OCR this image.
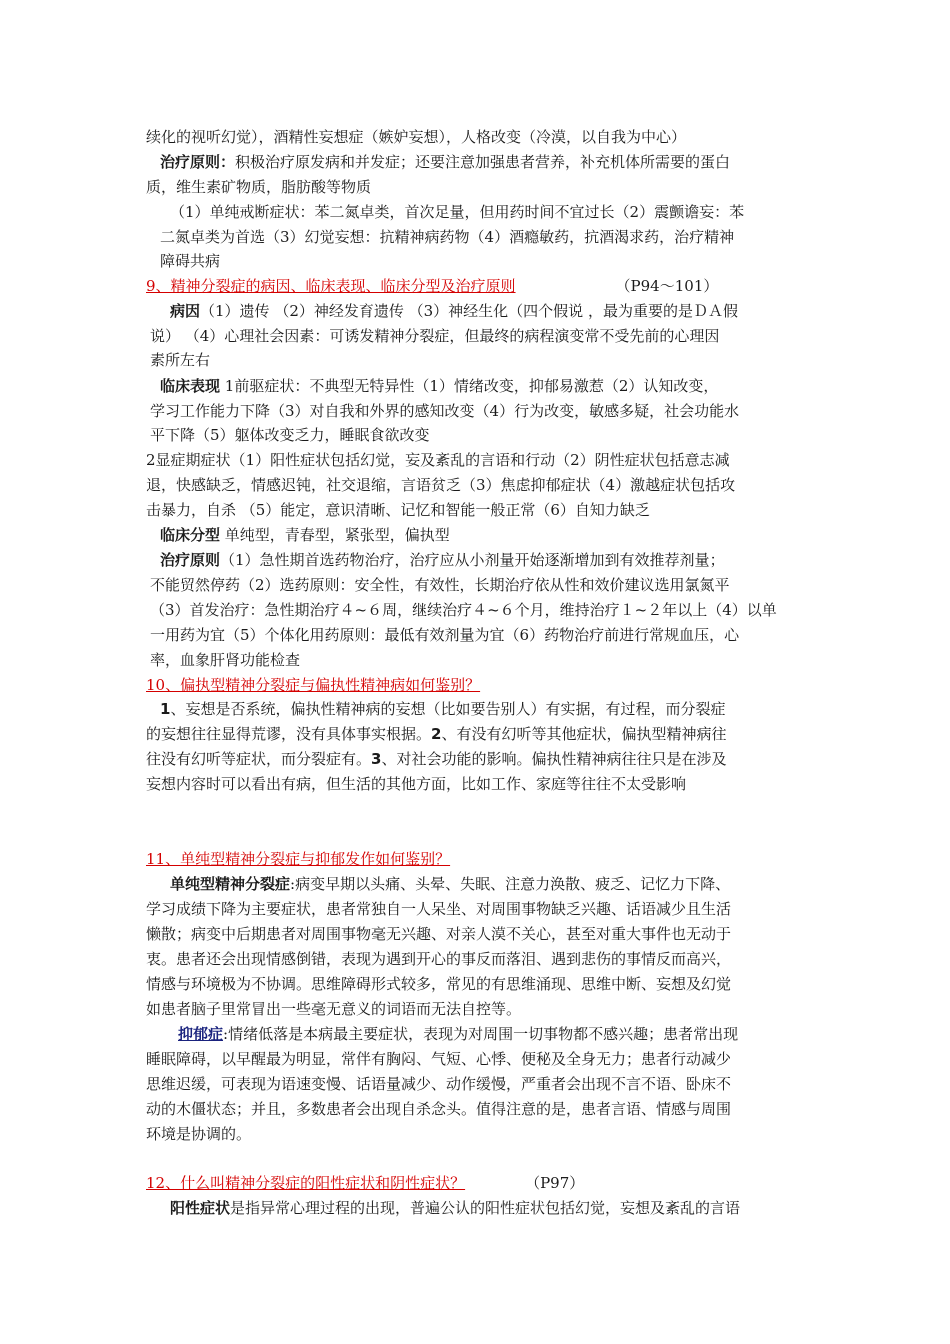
续化的视听幻觉），酒精性妄想症（嫉妒妄想），人格改变（冷漠，以自我为中心）
治疗原则：积极治疗原发病和并发症；还要注意加强患者营养，补充机体所需要的蛋白
质，维生素矿物质，脂肪酸等物质
（1）单纯戒断症状：苯二氮卓类，首次足量，但用药时间不宜过长（2）震颤谵妄：苯
二氮卓类为首选（3）幻觉妄想：抗精神病药物（4）酒瘾敏药，抗酒渴求药，治疗精神
障碍共病
9、精神分裂症的病因、临床表现、临床分型及治疗原则	（P94～101）
病因（1）遗传 （2）神经发育遗传 （3）神经生化（四个假说 ，最为重要的是ＤＡ假
说） （4）心理社会因素：可诱发精神分裂症，但最终的病程演变常不受先前的心理因
素所左右
临床表现 1前驱症状：不典型无特异性（1）情绪改变，抑郁易激惹（2）认知改变，
学习工作能力下降（3）对自我和外界的感知改变（4）行为改变，敏感多疑，社会功能水
平下降（5）躯体改变乏力，睡眠食欲改变
2显症期症状（1）阳性症状包括幻觉，妄及紊乱的言语和行动（2）阴性症状包括意志减
退，快感缺乏，情感迟钝，社交退缩，言语贫乏（3）焦虑抑郁症状（4）激越症状包括攻
击暴力，自杀 （5）能定，意识清晰、记忆和智能一般正常（6）自知力缺乏
临床分型 单纯型，青春型，紧张型，偏执型
治疗原则（1）急性期首选药物治疗，治疗应从小剂量开始逐渐增加到有效推荐剂量；
不能贸然停药（2）选药原则：安全性，有效性，长期治疗依从性和效价建议选用氯氮平
（3）首发治疗：急性期治疗４~６周，继续治疗４~６个月，维持治疗１~２年以上（4）以单
一用药为宜（5）个体化用药原则：最低有效剂量为宜（6）药物治疗前进行常规血压，心
率，血象肝肾功能检查
10、偏执型精神分裂症与偏执性精神病如何鉴别？
1、妄想是否系统，偏执性精神病的妄想（比如要告别人）有实据，有过程，而分裂症
的妄想往往显得荒谬，没有具体事实根据。2、有没有幻听等其他症状，偏执型精神病往
往没有幻听等症状，而分裂症有。3、对社会功能的影响。偏执性精神病往往只是在涉及
妄想内容时可以看出有病，但生活的其他方面，比如工作、家庭等往往不太受影响
11、单纯型精神分裂症与抑郁发作如何鉴别？
单纯型精神分裂症:病变早期以头痛、头晕、失眠、注意力涣散、疲乏、记忆力下降、
学习成绩下降为主要症状，患者常独自一人呆坐、对周围事物缺乏兴趣、话语减少且生活
懒散；病变中后期患者对周围事物毫无兴趣、对亲人漠不关心，甚至对重大事件也无动于
衷。患者还会出现情感倒错，表现为遇到开心的事反而落泪、遇到悲伤的事情反而高兴，
情感与环境极为不协调。思维障碍形式较多，常见的有思维涌现、思维中断、妄想及幻觉
如患者脑子里常冒出一些毫无意义的词语而无法自控等。
抑郁症:情绪低落是本病最主要症状，表现为对周围一切事物都不感兴趣；患者常出现
睡眠障碍，以早醒最为明显，常伴有胸闷、气短、心悸、便秘及全身无力；患者行动减少
思维迟缓，可表现为语速变慢、话语量减少、动作缓慢，严重者会出现不言不语、卧床不
动的木僵状态；并且，多数患者会出现自杀念头。值得注意的是，患者言语、情感与周围
环境是协调的。
12、什么叫精神分裂症的阳性症状和阴性症状？	（P97）
阳性症状是指异常心理过程的出现，普遍公认的阳性症状包括幻觉，妄想及紊乱的言语
